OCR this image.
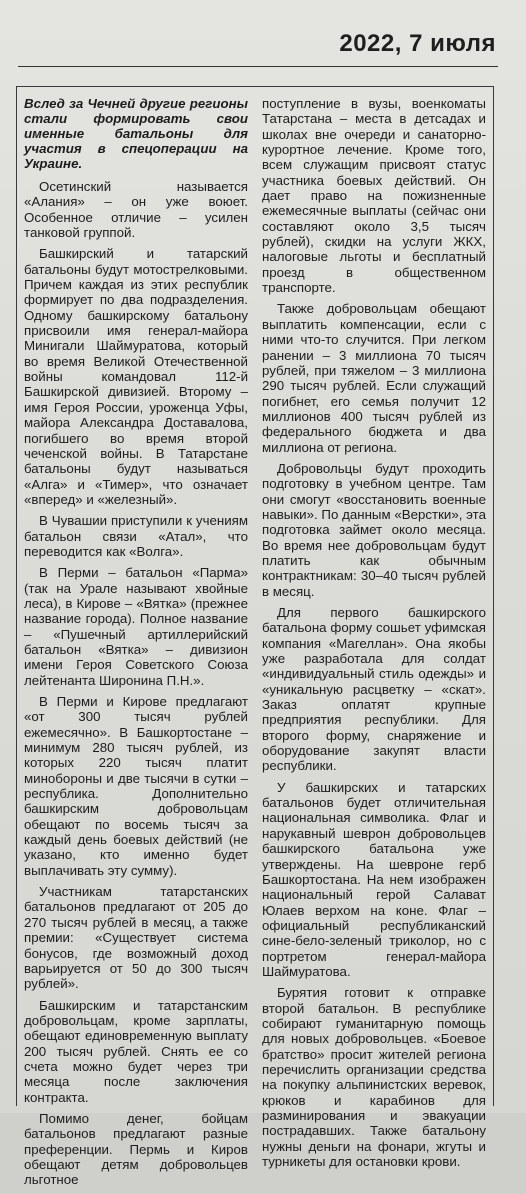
2022, 7 июля

Вслед за Чечней другие регионы стали формировать свои именные батальоны для участия в спецоперации на Украине.

Осетинский называется «Алания» – он уже воюет. Особенное отличие – усилен танковой группой.

Башкирский и татарский батальоны будут мотострелковыми. Причем каждая из этих республик формирует по два подразделения. Одному башкирскому батальону присвоили имя генерал-майора Минигали Шаймуратова, который во время Великой Отечественной войны командовал 112-й Башкирской дивизией. Второму – имя Героя России, уроженца Уфы, майора Александра Доставалова, погибшего во время второй чеченской войны. В Татарстане батальоны будут называться «Алга» и «Тимер», что означает «вперед» и «железный».

В Чувашии приступили к учениям батальон связи «Атал», что переводится как «Волга».

В Перми – батальон «Парма» (так на Урале называют хвойные леса), в Кирове – «Вятка» (прежнее название города). Полное название – «Пушечный артиллерийский батальон «Вятка» – дивизион имени Героя Советского Союза лейтенанта Широнина П.Н.».

В Перми и Кирове предлагают «от 300 тысяч рублей ежемесячно». В Башкортостане – минимум 280 тысяч рублей, из которых 220 тысяч платит минобороны и две тысячи в сутки – республика. Дополнительно башкирским добровольцам обещают по восемь тысяч за каждый день боевых действий (не указано, кто именно будет выплачивать эту сумму).

Участникам татарстанских батальонов предлагают от 205 до 270 тысяч рублей в месяц, а также премии: «Существует система бонусов, где возможный доход варьируется от 50 до 300 тысяч рублей».

Башкирским и татарстанским добровольцам, кроме зарплаты, обещают единовременную выплату 200 тысяч рублей. Снять ее со счета можно будет через три месяца после заключения контракта.

Помимо денег, бойцам батальонов предлагают разные преференции. Пермь и Киров обещают детям добровольцев льготное

поступление в вузы, военкоматы Татарстана – места в детсадах и школах вне очереди и санаторно-курортное лечение. Кроме того, всем служащим присвоят статус участника боевых действий. Он дает право на пожизненные ежемесячные выплаты (сейчас они составляют около 3,5 тысяч рублей), скидки на услуги ЖКХ, налоговые льготы и бесплатный проезд в общественном транспорте.

Также добровольцам обещают выплатить компенсации, если с ними что-то случится. При легком ранении – 3 миллиона 70 тысяч рублей, при тяжелом – 3 миллиона 290 тысяч рублей. Если служащий погибнет, его семья получит 12 миллионов 400 тысяч рублей из федерального бюджета и два миллиона от региона.

Добровольцы будут проходить подготовку в учебном центре. Там они смогут «восстановить военные навыки». По данным «Верстки», эта подготовка займет около месяца. Во время нее добровольцам будут платить как обычным контрактникам: 30–40 тысяч рублей в месяц.

Для первого башкирского батальона форму сошьет уфимская компания «Магеллан». Она якобы уже разработала для солдат «индивидуальный стиль одежды» и «уникальную расцветку – «скат». Заказ оплатят крупные предприятия республики. Для второго форму, снаряжение и оборудование закупят власти республики.

У башкирских и татарских батальонов будет отличительная национальная символика. Флаг и нарукавный шеврон добровольцев башкирского батальона уже утверждены. На шевроне герб Башкортостана. На нем изображен национальный герой Салават Юлаев верхом на коне. Флаг – официальный республиканский сине-бело-зеленый триколор, но с портретом генерал-майора Шаймуратова.

Бурятия готовит к отправке второй батальон. В республике собирают гуманитарную помощь для новых добровольцев. «Боевое братство» просит жителей региона перечислить организации средства на покупку альпинистских веревок, крюков и карабинов для разминирования и эвакуации пострадавших. Также батальону нужны деньги на фонари, жгуты и турникеты для остановки крови.
